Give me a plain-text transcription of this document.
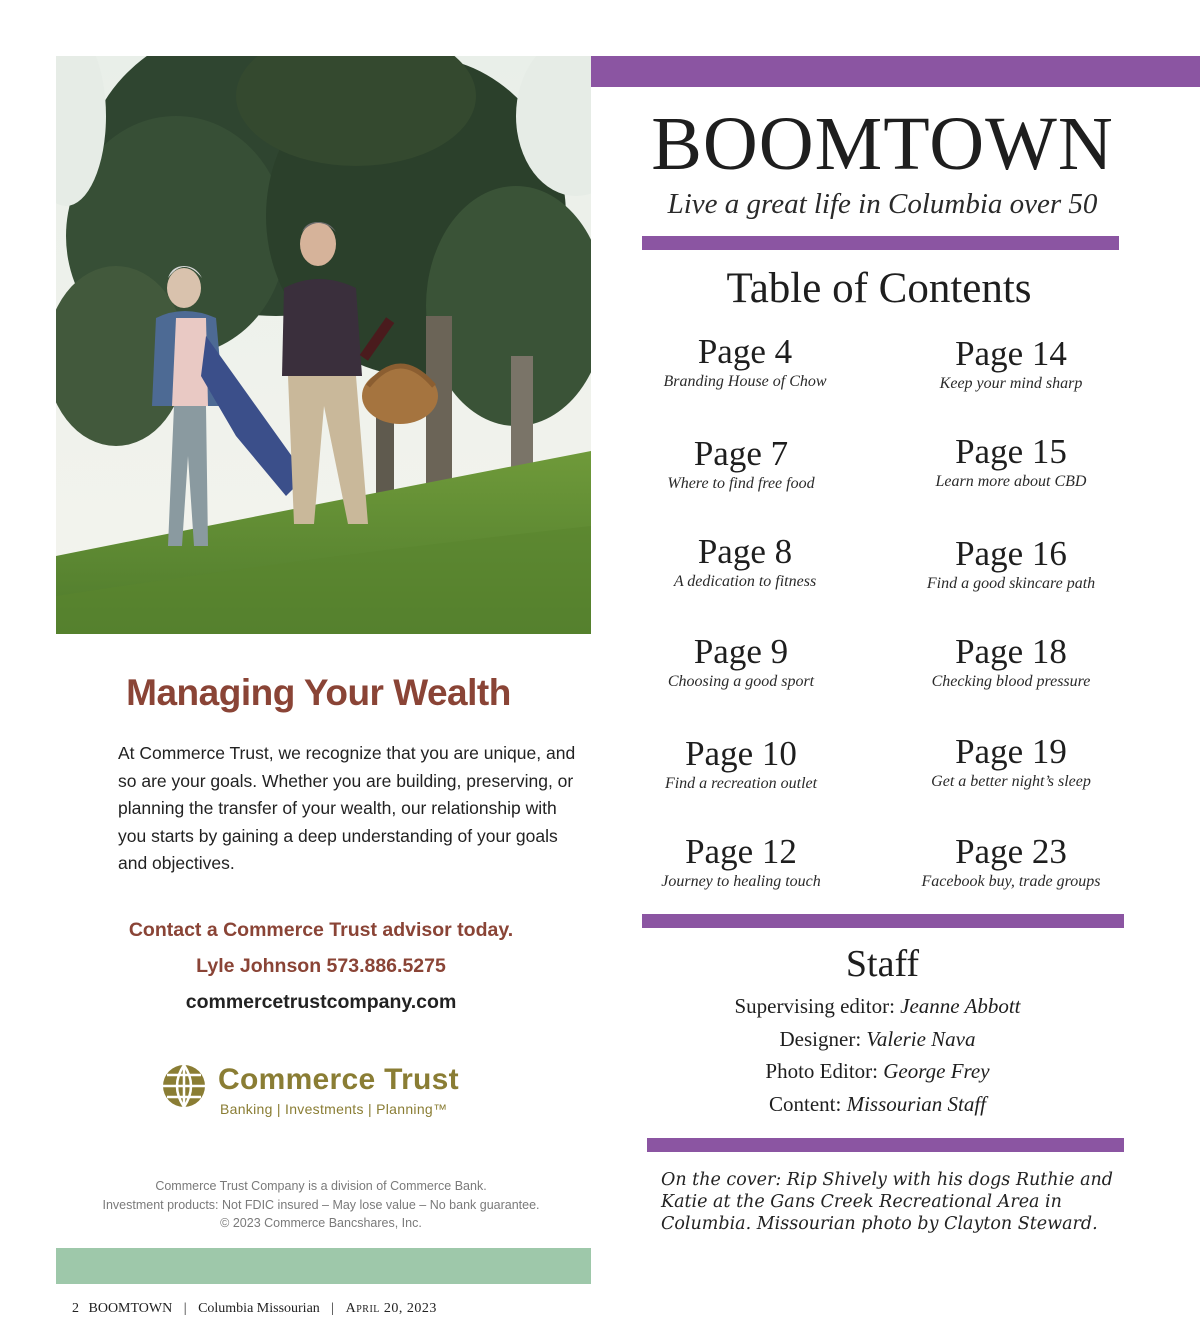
Managing Your Wealth
At Commerce Trust, we recognize that you are unique, and so are your goals. Whether you are building, preserving, or planning the transfer of your wealth, our relationship with you starts by gaining a deep understanding of your goals and objectives.
Contact a Commerce Trust advisor today.
Lyle Johnson 573.886.5275
commercetrustcompany.com
Commerce Trust
Banking | Investments | Planning™
Commerce Trust Company is a division of Commerce Bank.
Investment products: Not FDIC insured – May lose value – No bank guarantee.
© 2023 Commerce Bancshares, Inc.
2 BOOMTOWN | Columbia Missourian | April 20, 2023
BOOMTOWN
Live a great life in Columbia over 50
Table of Contents
Page 4
Branding House of Chow
Page 14
Keep your mind sharp
Page 7
Where to find free food
Page 15
Learn more about CBD
Page 8
A dedication to fitness
Page 16
Find a good skincare path
Page 9
Choosing a good sport
Page 18
Checking blood pressure
Page 10
Find a recreation outlet
Page 19
Get a better night’s sleep
Page 12
Journey to healing touch
Page 23
Facebook buy, trade groups
Staff
Supervising editor: Jeanne Abbott
Designer: Valerie Nava
Photo Editor: George Frey
Content: Missourian Staff
On the cover: Rip Shively with his dogs Ruthie and Katie at the Gans Creek Recreational Area in Columbia. Missourian photo by Clayton Steward.
